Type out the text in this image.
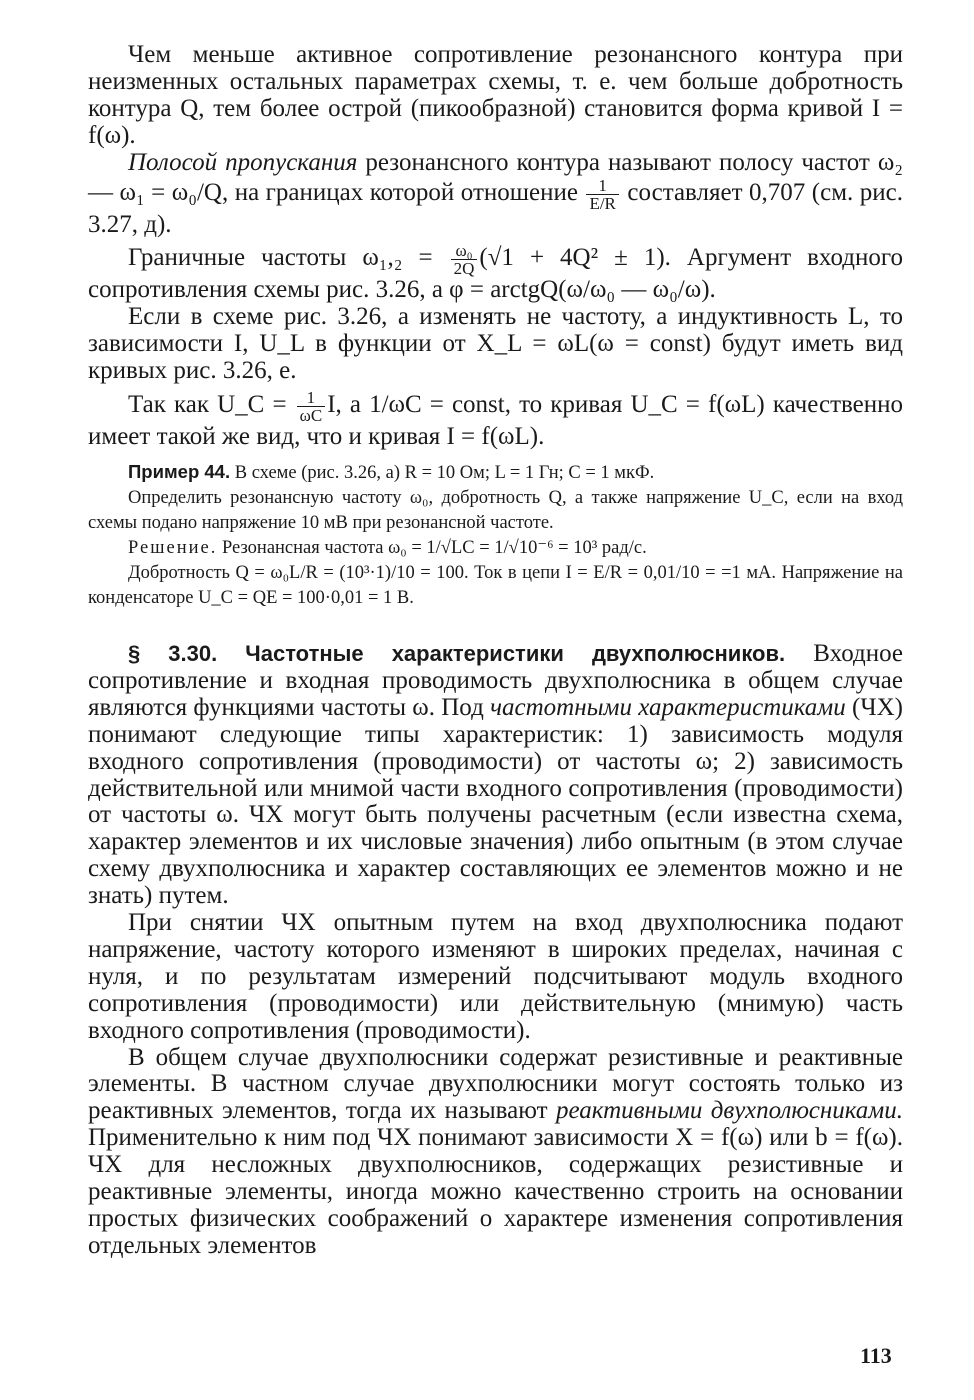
Чем меньше активное сопротивление резонансного контура при неизменных остальных параметрах схемы, т. е. чем больше добротность контура Q, тем более острой (пикообразной) становится форма кривой I = f(ω).

Полосой пропускания резонансного контура называют полосу частот ω₂ — ω₁ = ω₀/Q, на границах которой отношение $\frac{1}{E/R}$ составляет 0,707 (см. рис. 3.27, д).

Граничные частоты $\omega_1,_2 = \frac{\text{ω₀}}{2Q} (√1 + 4Q^2 \pm 1)$. Аргумент входного сопротивления схемы рис. 3.26, а φ = arctgQ(ω/ω₀ — ω₀/ω).

Если в схеме рис. 3.26, а изменять не частоту, а индуктивность L, то зависимости I, U_L в функции от X_L = ωL(ω = const) будут иметь вид кривых рис. 3.26, е.

Так как U_C = $\frac{1}{\omega C} I$, а 1/ωC = const, то кривая U_C = f(ωL) качественно имеет такой же вид, что и кривая I = f(ωL).

Пример 44. В схеме (рис. 3.26, а) R = 10 Ом; L = 1 Гн; C = 1 мкФ.

Определить резонансную частоту ω₀, добротность Q, а также напряжение U_C, если на вход схемы подано напряжение 10 мВ при резонансной частоте.

Решение. Резонансная частота ω₀ = 1/√LC = 1/√10⁻⁶ = 10³ рад/с.

Добротность Q = ω₀L/R = (10³·1)/10 = 100. Ток в цепи I = E/R = 0,01/10 = =1 мА. Напряжение на конденсаторе U_C = QE = 100·0,01 = 1 В.

§ 3.30. Частотные характеристики двухполюсников. Входное сопротивление и входная проводимость двухполюсника в общем случае являются функциями частоты ω. Под частотными характеристиками (ЧХ) понимают следующие типы характеристик: 1) зависимость модуля входного сопротивления (проводимости) от частоты ω; 2) зависимость действительной или мнимой части входного сопротивления (проводимости) от частоты ω. ЧХ могут быть получены расчетным (если известна схема, характер элементов и их числовые значения) либо опытным (в этом случае схему двухполюсника и характер составляющих ее элементов можно и не знать) путем.

При снятии ЧХ опытным путем на вход двухполюсника подают напряжение, частоту которого изменяют в широких пределах, начиная с нуля, и по результатам измерений подсчитывают модуль входного сопротивления (проводимости) или действительную (мнимую) часть входного сопротивления (проводимости).

В общем случае двухполюсники содержат резистивные и реактивные элементы. В частном случае двухполюсники могут состоять только из реактивных элементов, тогда их называют реактивными двухполюсниками. Применительно к ним под ЧХ понимают зависимости X = f(ω) или b = f(ω). ЧХ для несложных двухполюсников, содержащих резистивные и реактивные элементы, иногда можно качественно строить на основании простых физических соображений о характере изменения сопротивления отдельных элементов

113
